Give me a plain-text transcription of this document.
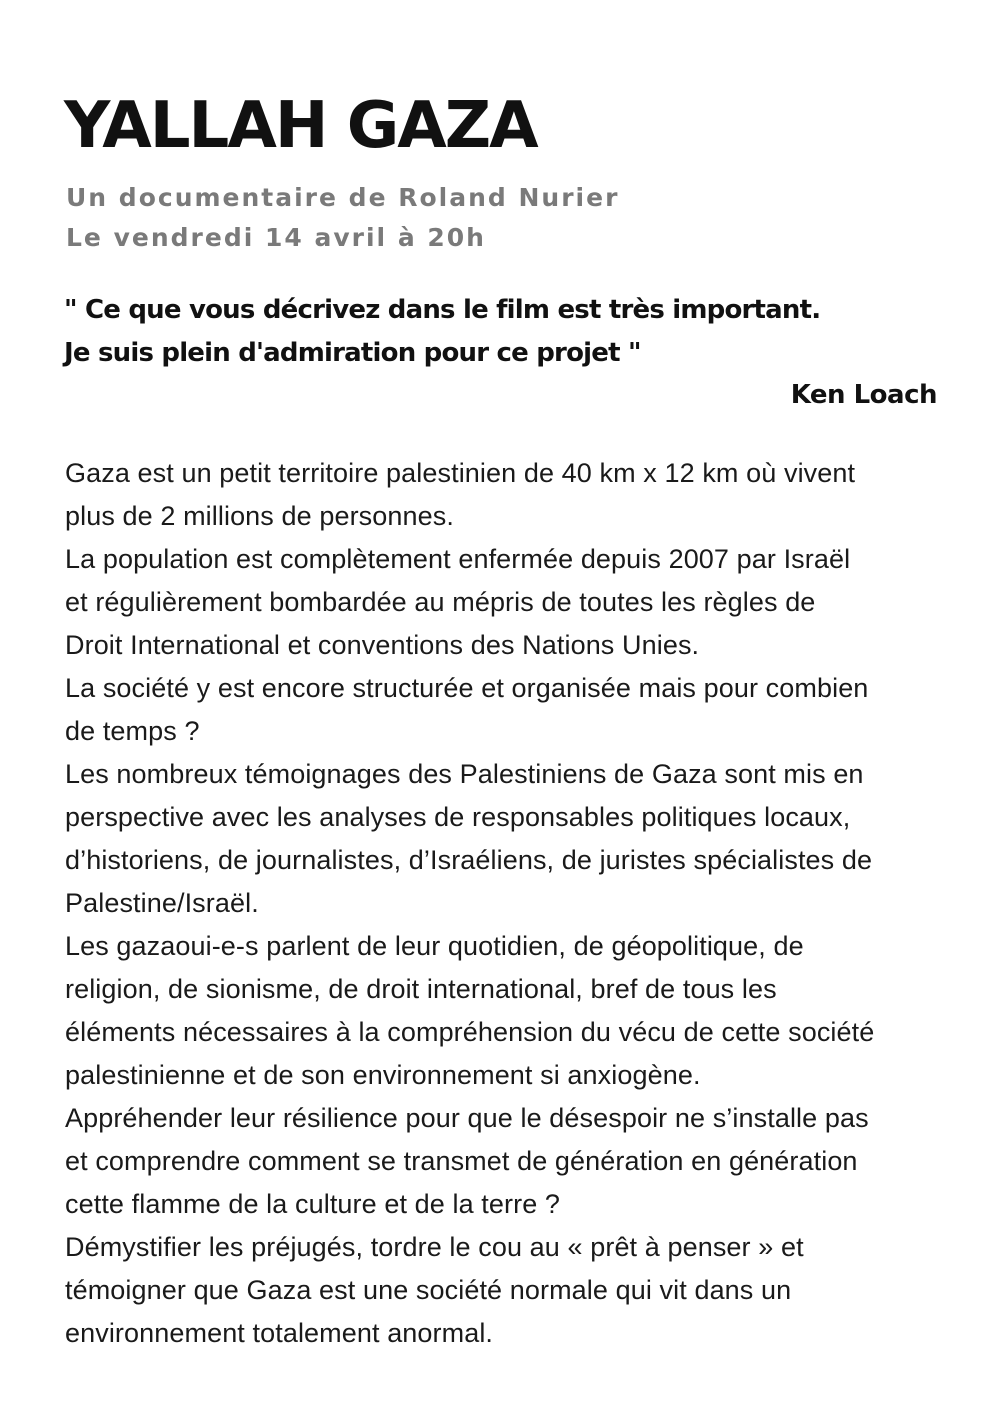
YALLAH GAZA
Un documentaire de Roland Nurier
Le vendredi 14 avril à 20h
" Ce que vous décrivez dans le film est très important.
Je suis plein d'admiration pour ce projet "
Ken Loach
Gaza est un petit territoire palestinien de 40 km x 12 km où vivent
plus de 2 millions de personnes.
La population est complètement enfermée depuis 2007 par Israël
et régulièrement bombardée au mépris de toutes les règles de
Droit International et conventions des Nations Unies.
La société y est encore structurée et organisée mais pour combien
de temps ?
Les nombreux témoignages des Palestiniens de Gaza sont mis en
perspective avec les analyses de responsables politiques locaux,
d’historiens, de journalistes, d’Israéliens, de juristes spécialistes de
Palestine/Israël.
Les gazaoui-e-s parlent de leur quotidien, de géopolitique, de
religion, de sionisme, de droit international, bref de tous les
éléments nécessaires à la compréhension du vécu de cette société
palestinienne et de son environnement si anxiogène.
Appréhender leur résilience pour que le désespoir ne s’installe pas
et comprendre comment se transmet de génération en génération
cette flamme de la culture et de la terre ?
Démystifier les préjugés, tordre le cou au « prêt à penser » et
témoigner que Gaza est une société normale qui vit dans un
environnement totalement anormal.
